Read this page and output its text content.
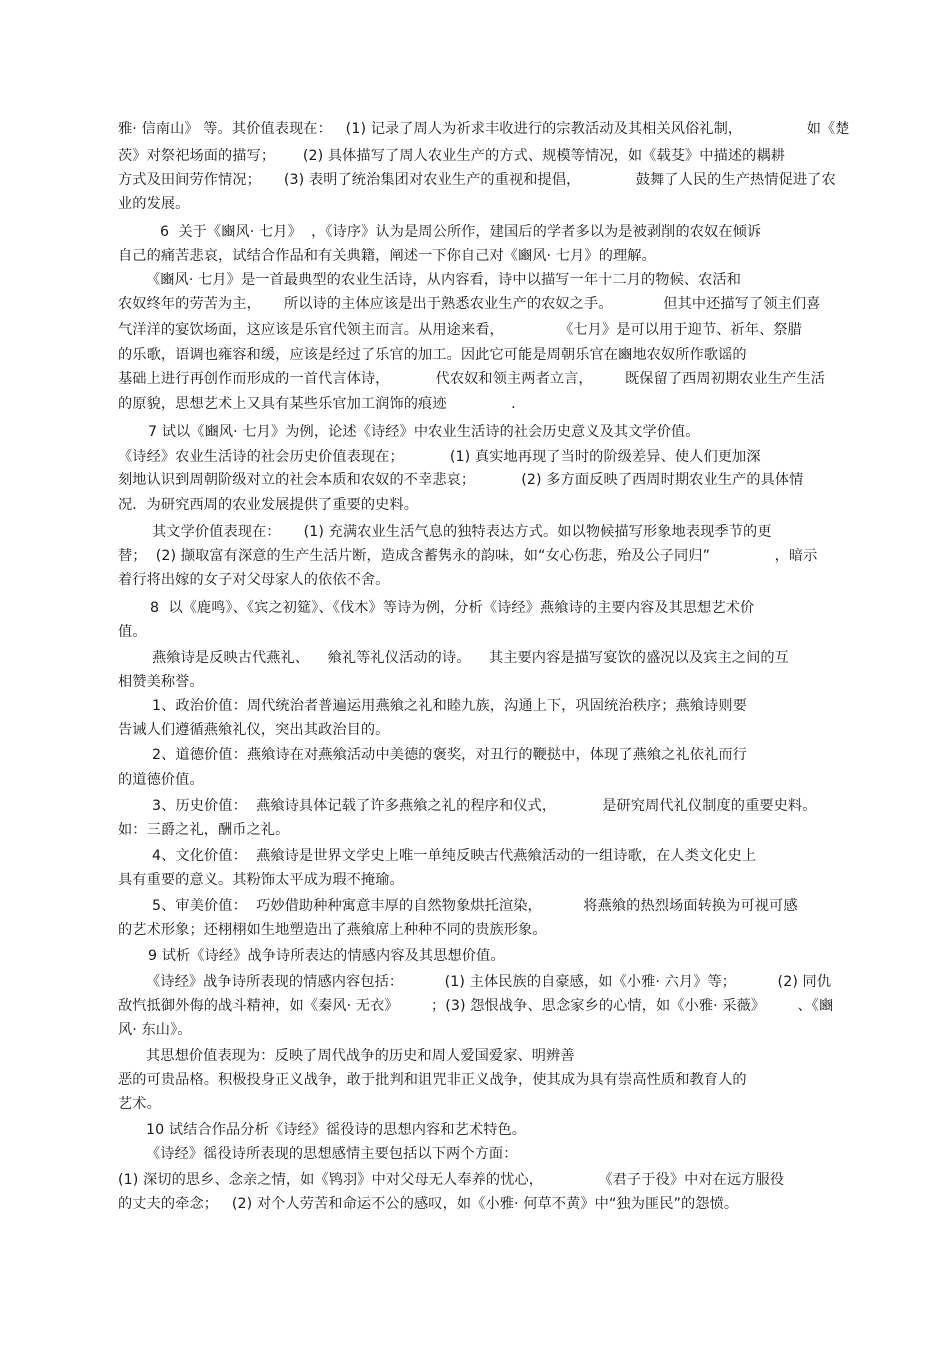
雅· 信南山》 等。其价值表现在：   (1) 记录了周人为祈求丰收进行的宗教活动及其相关风俗礼制，              如《楚
茨》对祭祀场面的描写；      (2) 具体描写了周人农业生产的方式、规模等情况，如《载芟》中描述的耦耕
方式及田间劳作情况；     (3) 表明了统治集团对农业生产的重视和提倡，            鼓舞了人民的生产热情促进了农
业的发展。
6  关于《豳风· 七月》  ，《诗序》认为是周公所作，建国后的学者多以为是被剥削的农奴在倾诉
自己的痛苦悲哀，试结合作品和有关典籍，阐述一下你自己对《豳风· 七月》的理解。
《豳风· 七月》是一首最典型的农业生活诗，从内容看，诗中以描写一年十二月的物候、农活和
农奴终年的劳苦为主，     所以诗的主体应该是出于熟悉农业生产的农奴之手。           但其中还描写了领主们喜
气洋洋的宴饮场面，这应该是乐官代领主而言。从用途来看，            《七月》是可以用于迎节、祈年、祭腊
的乐歌，语调也雍容和缓，应该是经过了乐官的加工。因此它可能是周朝乐官在豳地农奴所作歌谣的
基础上进行再创作而形成的一首代言体诗，          代农奴和领主两者立言，       既保留了西周初期农业生产生活
的原貌，思想艺术上又具有某些乐官加工润饰的痕迹              .
7 试以《豳风· 七月》为例，论述《诗经》中农业生活诗的社会历史意义及其文学价值。
《诗经》农业生活诗的社会历史价值表现在；          (1) 真实地再现了当时的阶级差异、使人们更加深
刻地认识到周朝阶级对立的社会本质和农奴的不幸悲哀；          (2) 多方面反映了西周时期农业生产的具体情
况．为研究西周的农业发展提供了重要的史料。
其文学价值表现在：     (1) 充满农业生活气息的独特表达方式。如以物候描写形象地表现季节的更
替；  (2) 撷取富有深意的生产生活片断，造成含蓄隽永的韵味，如“女心伤悲，殆及公子同归”              ，暗示
着行将出嫁的女子对父母家人的依依不舍。
8  以《鹿鸣》、《宾之初筵》、《伐木》等诗为例，分析《诗经》燕飨诗的主要内容及其思想艺术价
值。
燕飨诗是反映古代燕礼、    飨礼等礼仪活动的诗。    其主要内容是描写宴饮的盛况以及宾主之间的互
相赞美称誉。
1、政治价值：周代统治者普遍运用燕飨之礼和睦九族，沟通上下，巩固统治秩序；燕飨诗则要
告诫人们遵循燕飨礼仪，突出其政治目的。
2、道德价值：燕飨诗在对燕飨活动中美德的褒奖，对丑行的鞭挞中，体现了燕飨之礼依礼而行
的道德价值。
3、历史价值：  燕飨诗具体记载了许多燕飨之礼的程序和仪式，          是研究周代礼仪制度的重要史料。
如：三爵之礼，酬币之礼。
4、文化价值：  燕飨诗是世界文学史上唯一单纯反映古代燕飨活动的一组诗歌，在人类文化史上
具有重要的意义。其粉饰太平成为瑕不掩瑜。
5、审美价值：  巧妙借助种种寓意丰厚的自然物象烘托渲染，         将燕飨的热烈场面转换为可视可感
的艺术形象；还栩栩如生地塑造出了燕飨席上种种不同的贵族形象。
9 试析《诗经》战争诗所表达的情感内容及其思想价值。
《诗经》战争诗所表现的情感内容包括：         (1) 主体民族的自豪感，如《小雅· 六月》等；         (2) 同仇
敌忾抵御外侮的战斗精神，如《秦风· 无衣》       ；(3) 怨恨战争、思念家乡的心情，如《小雅· 采薇》       、《豳
风· 东山》。
其思想价值表现为：反映了周代战争的历史和周人爱国爱家、明辨善
恶的可贵品格。积极投身正义战争，敢于批判和诅咒非正义战争，使其成为具有崇高性质和教育人的
艺术。
10 试结合作品分析《诗经》徭役诗的思想内容和艺术特色。
《诗经》徭役诗所表现的思想感情主要包括以下两个方面：
(1) 深切的思乡、念亲之情，如《鸨羽》中对父母无人奉养的忧心，            《君子于役》中对在远方服役
的丈夫的牵念；   (2) 对个人劳苦和命运不公的感叹，如《小雅· 何草不黄》中“独为匪民”的怨愤。
